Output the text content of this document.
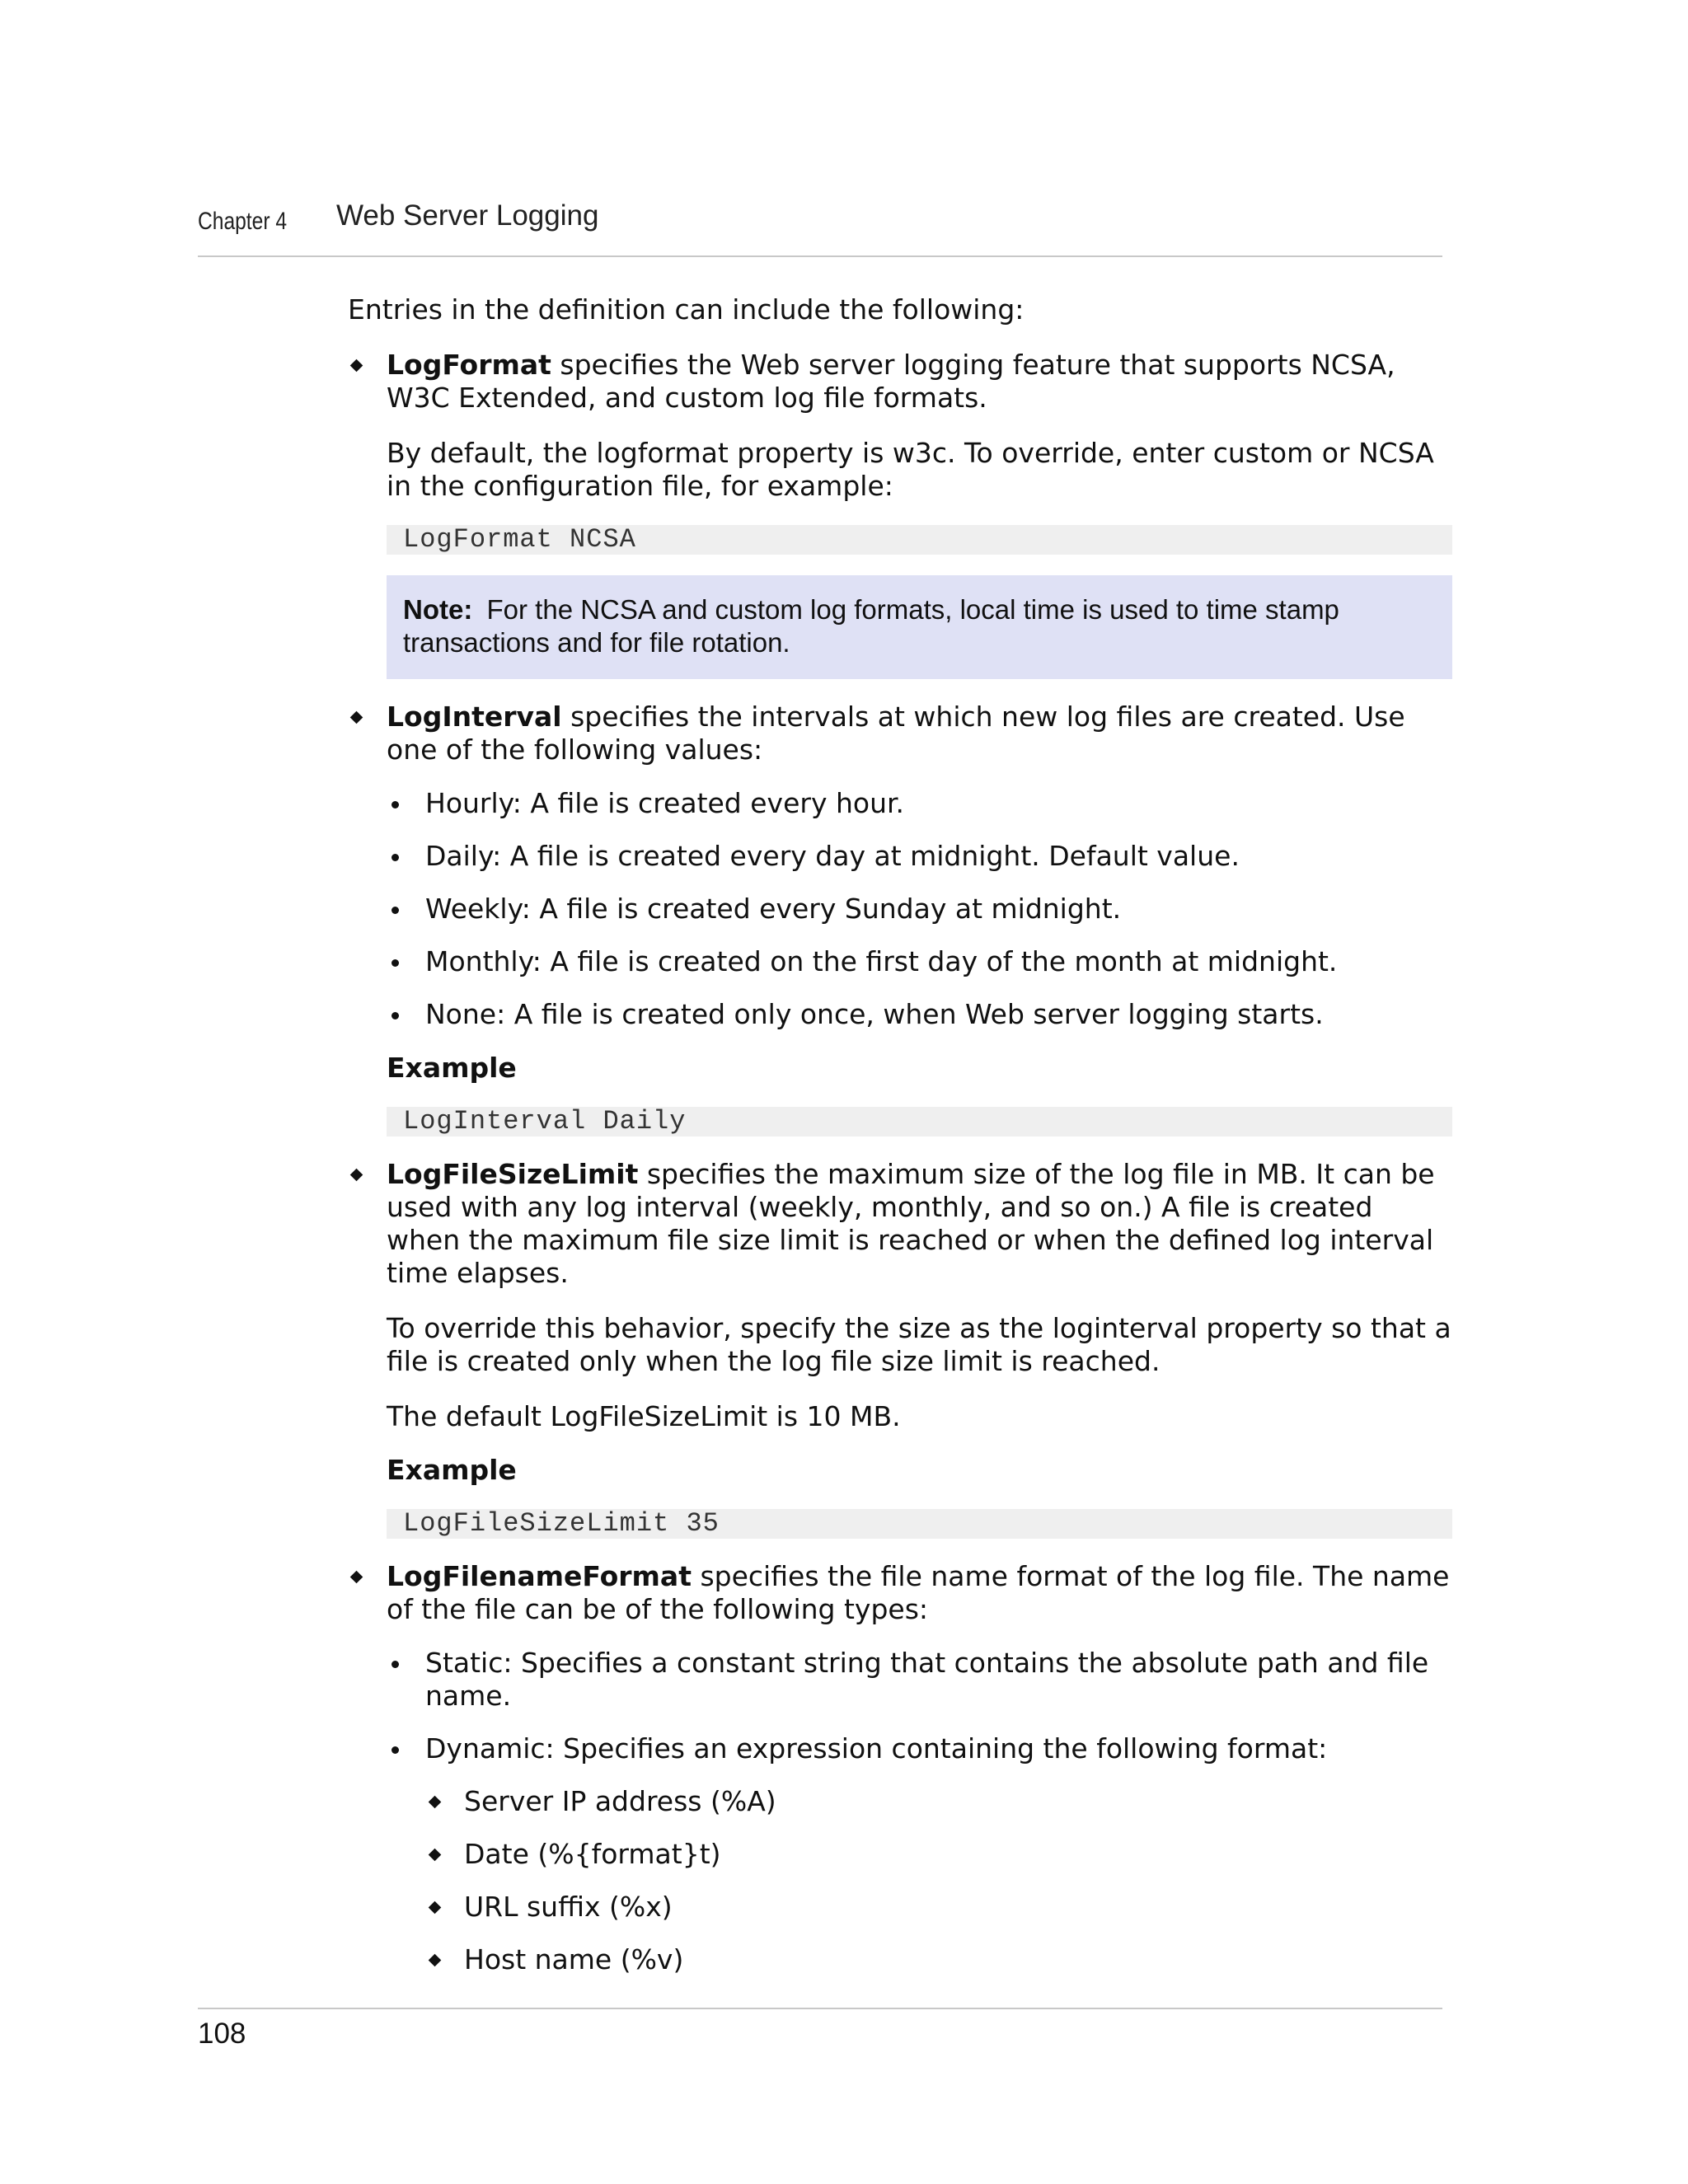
Chapter 4 Web Server Logging

Entries in the definition can include the following:

LogFormat specifies the Web server logging feature that supports NCSA, W3C Extended, and custom log file formats.

By default, the logformat property is w3c. To override, enter custom or NCSA in the configuration file, for example:

LogFormat NCSA
Note: For the NCSA and custom log formats, local time is used to time stamp transactions and for file rotation.

LogInterval specifies the intervals at which new log files are created. Use one of the following values:

Hourly: A file is created every hour.
Daily: A file is created every day at midnight. Default value.
Weekly: A file is created every Sunday at midnight.
Monthly: A file is created on the first day of the month at midnight.
None: A file is created only once, when Web server logging starts.
Example
LogInterval Daily

LogFileSizeLimit specifies the maximum size of the log file in MB. It can be used with any log interval (weekly, monthly, and so on.) A file is created when the maximum file size limit is reached or when the defined log interval time elapses.

To override this behavior, specify the size as the loginterval property so that a file is created only when the log file size limit is reached.

The default LogFileSizeLimit is 10 MB.

Example
LogFileSizeLimit 35

LogFilenameFormat specifies the file name format of the log file. The name of the file can be of the following types:

Static: Specifies a constant string that contains the absolute path and file name.
Dynamic: Specifies an expression containing the following format:
Server IP address (%A)
Date (%{format}t)
URL suffix (%x)
Host name (%v)
108
